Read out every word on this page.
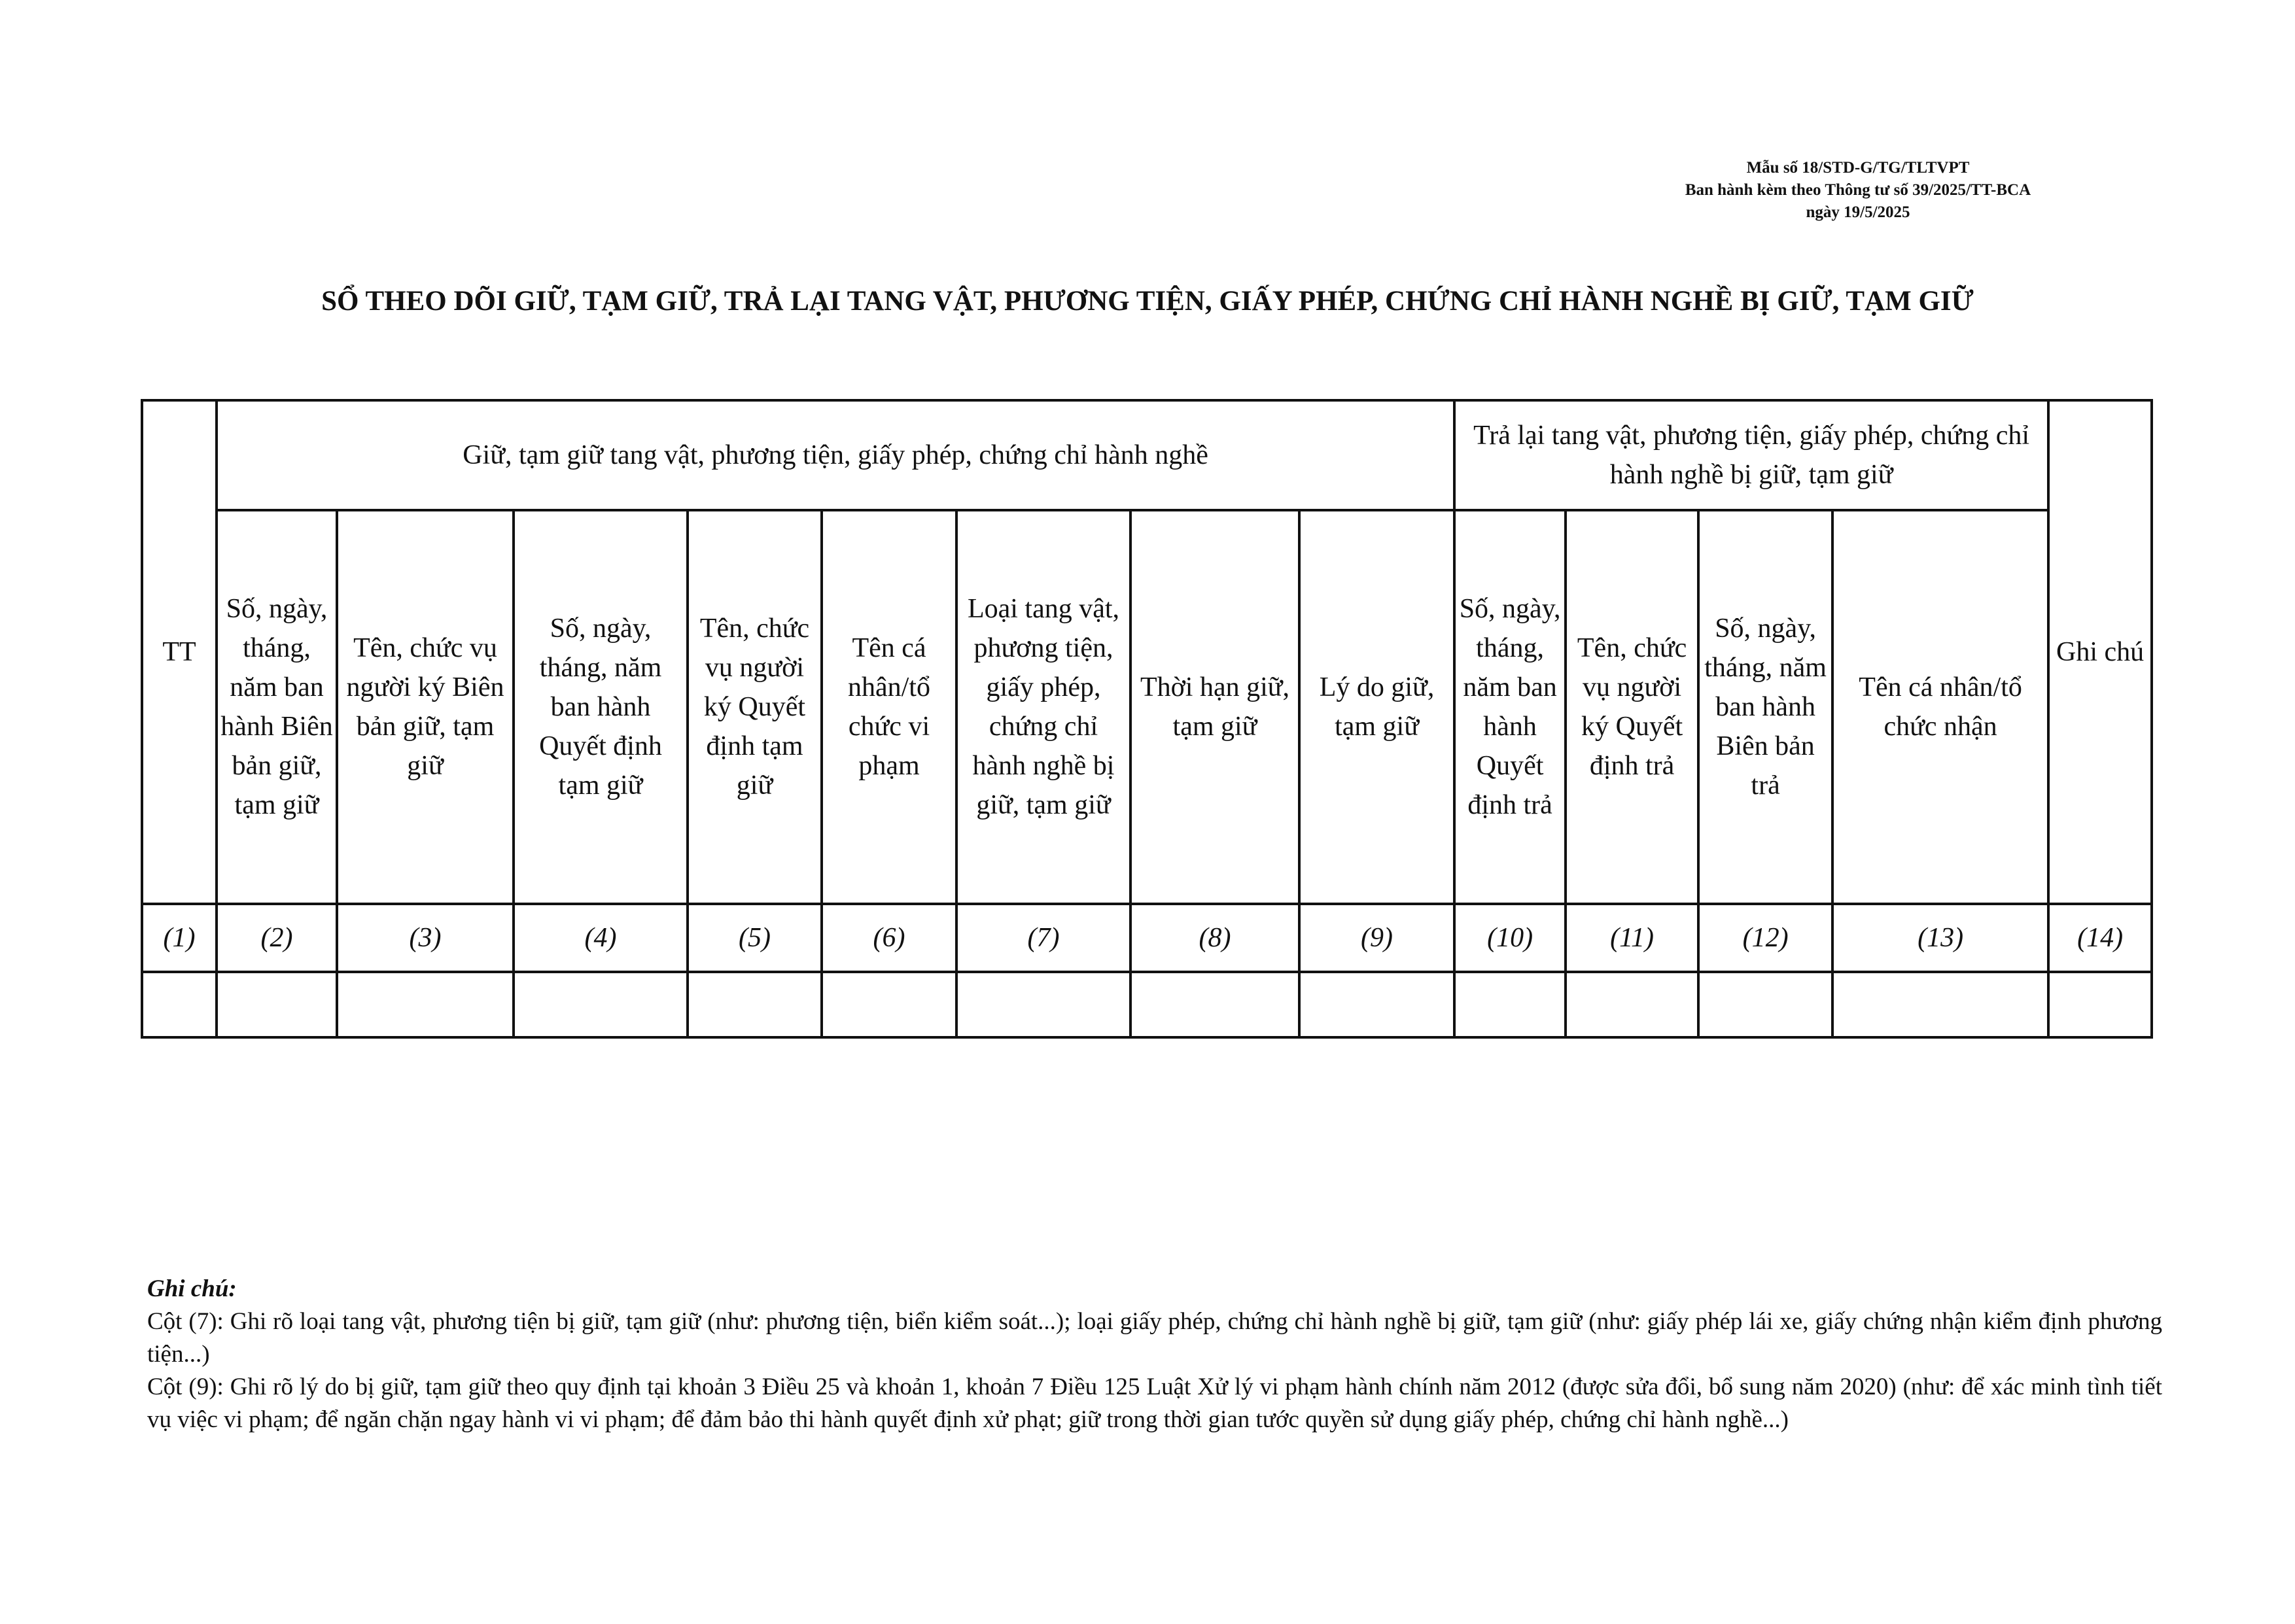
Mẫu số 18/STD-G/TG/TLTVPT
Ban hành kèm theo Thông tư số 39/2025/TT-BCA
ngày 19/5/2025
SỔ THEO DÕI GIỮ, TẠM GIỮ, TRẢ LẠI TANG VẬT, PHƯƠNG TIỆN, GIẤY PHÉP, CHỨNG CHỈ HÀNH NGHỀ BỊ GIỮ, TẠM GIỮ
TT	Giữ, tạm giữ tang vật, phương tiện, giấy phép, chứng chỉ hành nghề								Trả lại tang vật, phương tiện, giấy phép, chứng chỉ hành nghề bị giữ, tạm giữ				Ghi chú
	Số, ngày, tháng, năm ban hành Biên bản giữ, tạm giữ	Tên, chức vụ người ký Biên bản giữ, tạm giữ	Số, ngày, tháng, năm ban hành Quyết định tạm giữ	Tên, chức vụ người ký Quyết định tạm giữ	Tên cá nhân/tổ chức vi phạm	Loại tang vật, phương tiện, giấy phép, chứng chỉ hành nghề bị giữ, tạm giữ	Thời hạn giữ, tạm giữ	Lý do giữ, tạm giữ	Số, ngày, tháng, năm ban hành Quyết định trả	Tên, chức vụ người ký Quyết định trả	Số, ngày, tháng, năm ban hành Biên bản trả	Tên cá nhân/tổ chức nhận	
(1)	(2)	(3)	(4)	(5)	(6)	(7)	(8)	(9)	(10)	(11)	(12)	(13)	(14)

Ghi chú:

Cột (7): Ghi rõ loại tang vật, phương tiện bị giữ, tạm giữ (như: phương tiện, biển kiểm soát...); loại giấy phép, chứng chỉ hành nghề bị giữ, tạm giữ (như: giấy phép lái xe, giấy chứng nhận kiểm định phương tiện...)

Cột (9): Ghi rõ lý do bị giữ, tạm giữ theo quy định tại khoản 3 Điều 25 và khoản 1, khoản 7 Điều 125 Luật Xử lý vi phạm hành chính năm 2012 (được sửa đổi, bổ sung năm 2020) (như: để xác minh tình tiết vụ việc vi phạm; để ngăn chặn ngay hành vi vi phạm; để đảm bảo thi hành quyết định xử phạt; giữ trong thời gian tước quyền sử dụng giấy phép, chứng chỉ hành nghề...)
